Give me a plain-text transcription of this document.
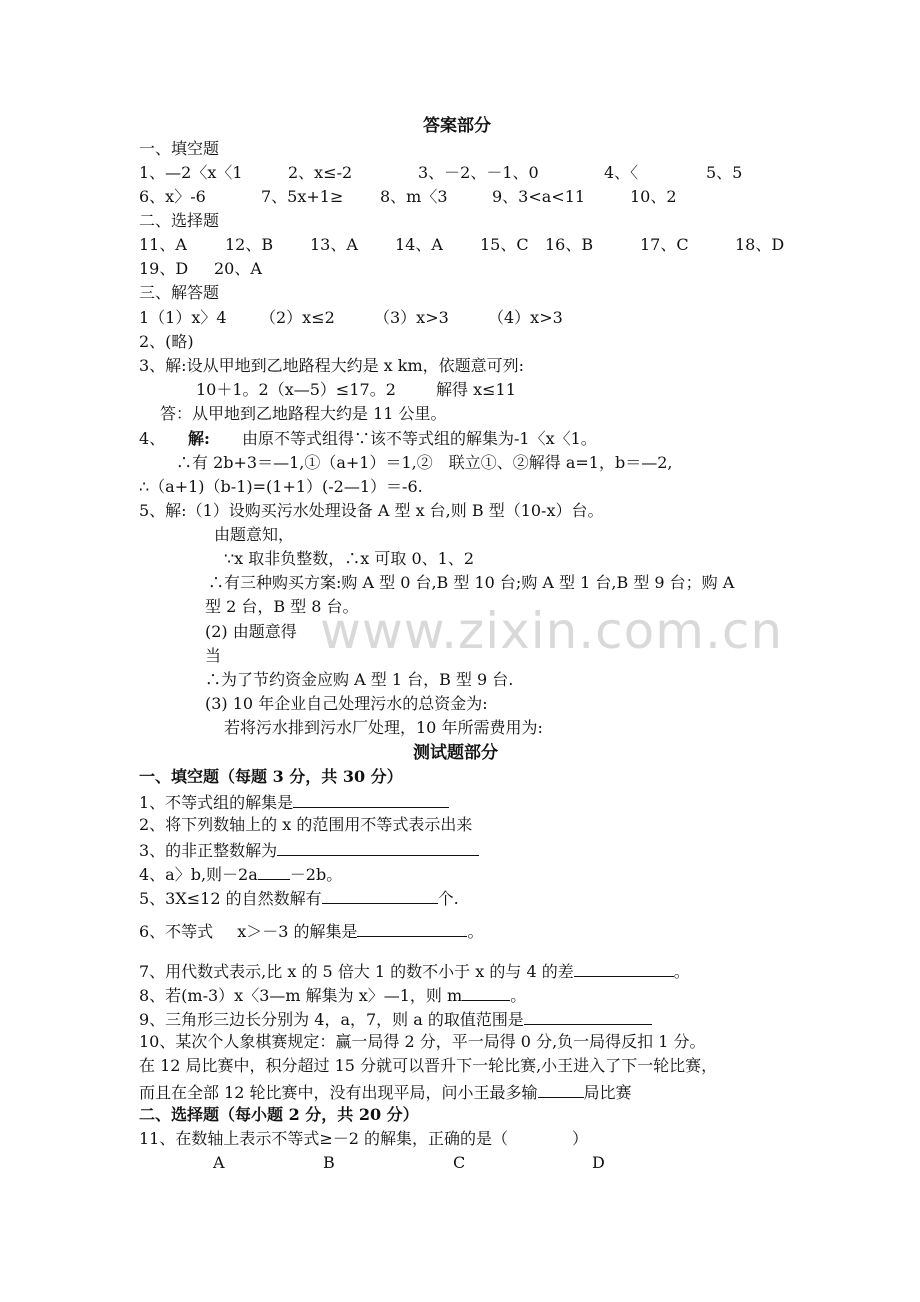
www.zixin.com.cn
答案部分
一、填空题
1、—2〈x〈1	2、x≤-2	3、－2、－1、0	4、〈	5、5
6、x〉-6	7、5x+1≥ 8、m〈3	9、3<a<11	10、2
二、选择题
11、A 12、B 13、A 14、A 15、C 16、B	17、C	18、D
19、D 20、A
三、解答题
1（1）x〉4 （2）x≤2 （3）x>3 （4）x>3
2、(略)
3、解:设从甲地到乙地路程大约是 x km，依题意可列:
10＋1。2（x—5）≤17。2	解得 x≤11
答：从甲地到乙地路程大约是 11 公里。
4、 解: 由原不等式组得∵该不等式组的解集为-1〈x〈1。
∴有 2b+3＝—1,①（a+1）＝1,②　联立①、②解得 a=1，b＝—2,
∴（a+1)（b-1)=(1+1）(-2—1）＝-6.
5、解:（1）设购买污水处理设备 A 型 x 台,则 B 型（10-x）台。
由题意知，
∵x 取非负整数，∴x 可取 0、1、2
∴有三种购买方案:购 A 型 0 台,B 型 10 台;购 A 型 1 台,B 型 9 台；购 A
型 2 台，B 型 8 台。
(2) 由题意得
当
∴为了节约资金应购 A 型 1 台，B 型 9 台.
(3) 10 年企业自己处理污水的总资金为:
若将污水排到污水厂处理，10 年所需费用为:
测试题部分
一、填空题（每题 3 分，共 30 分）
1、不等式组的解集是
2、将下列数轴上的 x 的范围用不等式表示出来
3、的非正整数解为
4、a〉b,则－2a －2b。
5、3X≤12 的自然数解有	个.
6、不等式 x＞－3 的解集是	。
7、用代数式表示,比 x 的 5 倍大 1 的数不小于 x 的与 4 的差	。
8、若(m-3）x〈3—m 解集为 x〉—1，则 m	。
9、三角形三边长分别为 4，a，7，则 a 的取值范围是
10、某次个人象棋赛规定：赢一局得 2 分，平一局得 0 分,负一局得反扣 1 分。
在 12 局比赛中，积分超过 15 分就可以晋升下一轮比赛,小王进入了下一轮比赛，
而且在全部 12 轮比赛中，没有出现平局，问小王最多输	局比赛
二、选择题（每小题 2 分，共 20 分）
11、在数轴上表示不等式≥－2 的解集，正确的是（　　　　）
A	B	C	D
